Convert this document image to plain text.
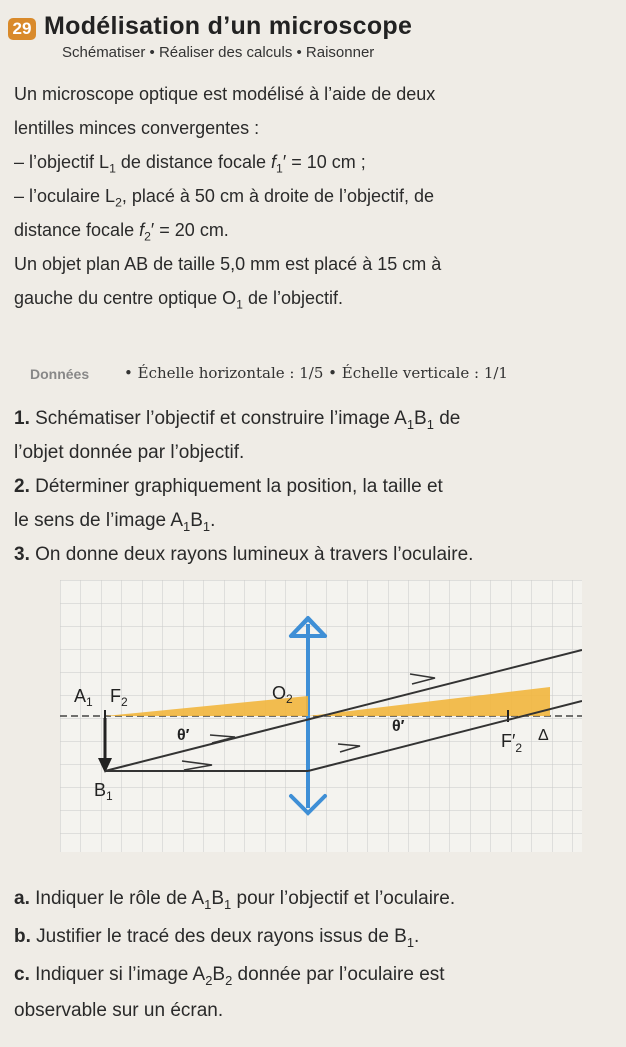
29 Modélisation d’un microscope
Schématiser • Réaliser des calculs • Raisonner
Un microscope optique est modélisé à l’aide de deux
lentilles minces convergentes :
– l’objectif $L_1$ de distance focale $f_1' = 10$ cm ;
– l’oculaire $L_2$, placé à 50 cm à droite de l’objectif, de
distance focale $f_2' = 20$ cm.
Un objet plan AB de taille 5,0 mm est placé à 15 cm à
gauche du centre optique $O_1$ de l’objectif.
Données • Échelle horizontale : 1/5 • Échelle verticale : 1/1
1. Schématiser l’objectif et construire l’image $A_1B_1$ de
l’objet donnée par l’objectif.
2. Déterminer graphiquement la position, la taille et
le sens de l’image $A_1B_1$.
3. On donne deux rayons lumineux à travers l’oculaire.
$A_1$ $F_2$	$O_2$
θ′
θ′
$F'_2$
Δ
$B_1$
a. Indiquer le rôle de $A_1B_1$ pour l’objectif et l’oculaire.
b. Justifier le tracé des deux rayons issus de $B_1$.
c. Indiquer si l’image $A_2B_2$ donnée par l’oculaire est
observable sur un écran.
